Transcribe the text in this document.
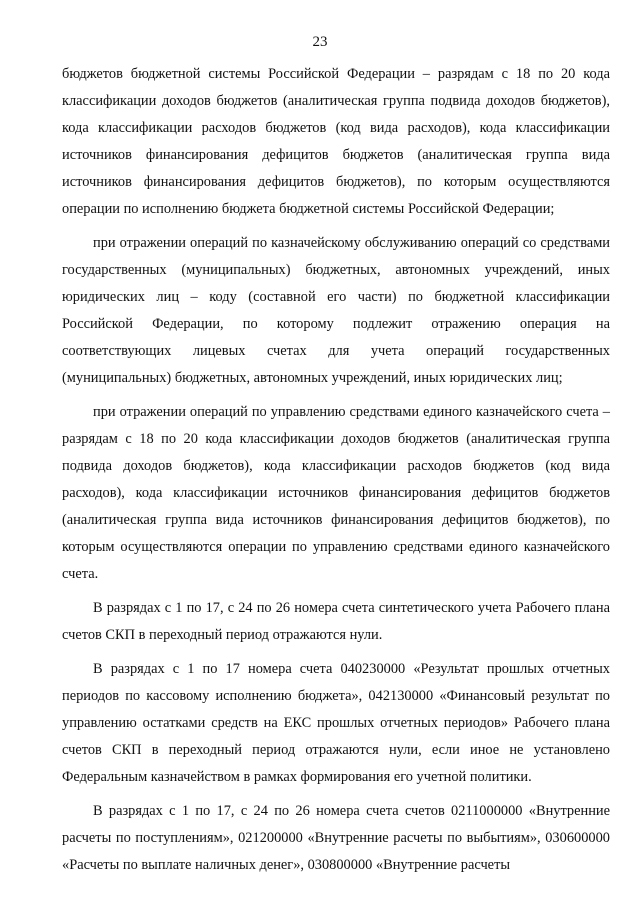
23

бюджетов бюджетной системы Российской Федерации – разрядам с 18 по 20 кода классификации доходов бюджетов (аналитическая группа подвида доходов бюджетов), кода классификации расходов бюджетов (код вида расходов), кода классификации источников финансирования дефицитов бюджетов (аналитическая группа вида источников финансирования дефицитов бюджетов), по которым осуществляются операции по исполнению бюджета бюджетной системы Российской Федерации;

при отражении операций по казначейскому обслуживанию операций со средствами государственных (муниципальных) бюджетных, автономных учреждений, иных юридических лиц – коду (составной его части) по бюджетной классификации Российской Федерации, по которому подлежит отражению операция на соответствующих лицевых счетах для учета операций государственных (муниципальных) бюджетных, автономных учреждений, иных юридических лиц;

при отражении операций по управлению средствами единого казначейского счета – разрядам с 18 по 20 кода классификации доходов бюджетов (аналитическая группа подвида доходов бюджетов), кода классификации расходов бюджетов (код вида расходов), кода классификации источников финансирования дефицитов бюджетов (аналитическая группа вида источников финансирования дефицитов бюджетов), по которым осуществляются операции по управлению средствами единого казначейского счета.

В разрядах с 1 по 17, с 24 по 26 номера счета синтетического учета Рабочего плана счетов СКП в переходный период отражаются нули.

В разрядах с 1 по 17 номера счета 040230000 «Результат прошлых отчетных периодов по кассовому исполнению бюджета», 042130000 «Финансовый результат по управлению остатками средств на ЕКС прошлых отчетных периодов» Рабочего плана счетов СКП в переходный период отражаются нули, если иное не установлено Федеральным казначейством в рамках формирования его учетной политики.

В разрядах с 1 по 17, с 24 по 26 номера счета счетов 0211000000 «Внутренние расчеты по поступлениям», 021200000 «Внутренние расчеты по выбытиям», 030600000 «Расчеты по выплате наличных денег», 030800000 «Внутренние расчеты
